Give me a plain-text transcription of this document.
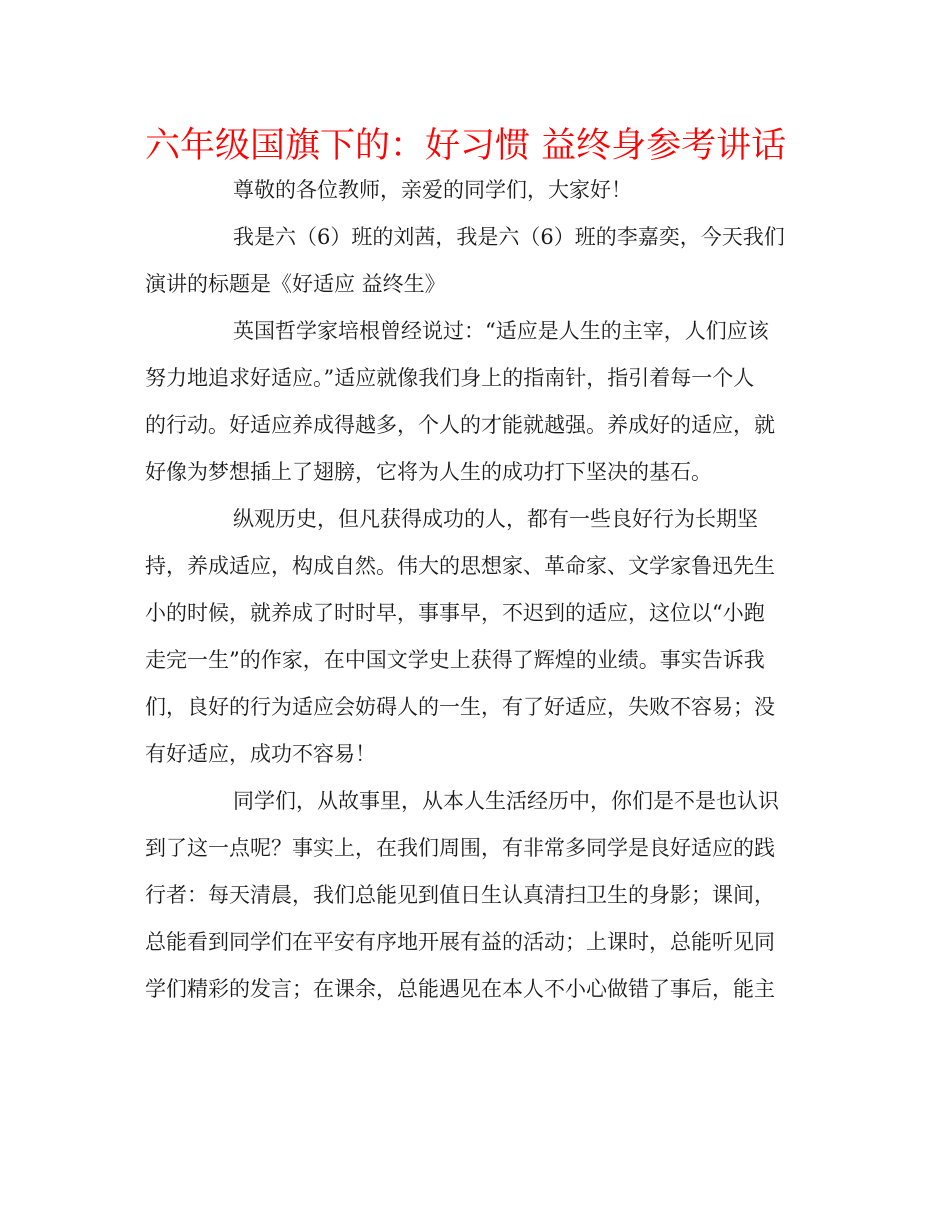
六年级国旗下的：好习惯 益终身参考讲话

尊敬的各位教师，亲爱的同学们，大家好！

我是六（6）班的刘茜，我是六（6）班的李嘉奕，今天我们
演讲的标题是《好适应 益终生》

英国哲学家培根曾经说过：“适应是人生的主宰，人们应该
努力地追求好适应。”适应就像我们身上的指南针，指引着每一个人
的行动。好适应养成得越多，个人的才能就越强。养成好的适应，就
好像为梦想插上了翅膀，它将为人生的成功打下坚决的基石。

纵观历史，但凡获得成功的人，都有一些良好行为长期坚
持，养成适应，构成自然。伟大的思想家、革命家、文学家鲁迅先生
小的时候，就养成了时时早，事事早，不迟到的适应，这位以“小跑
走完一生”的作家，在中国文学史上获得了辉煌的业绩。事实告诉我
们，良好的行为适应会妨碍人的一生，有了好适应，失败不容易；没
有好适应，成功不容易！

同学们，从故事里，从本人生活经历中，你们是不是也认识
到了这一点呢？事实上，在我们周围，有非常多同学是良好适应的践
行者：每天清晨，我们总能见到值日生认真清扫卫生的身影；课间，
总能看到同学们在平安有序地开展有益的活动；上课时，总能听见同
学们精彩的发言；在课余，总能遇见在本人不小心做错了事后，能主
